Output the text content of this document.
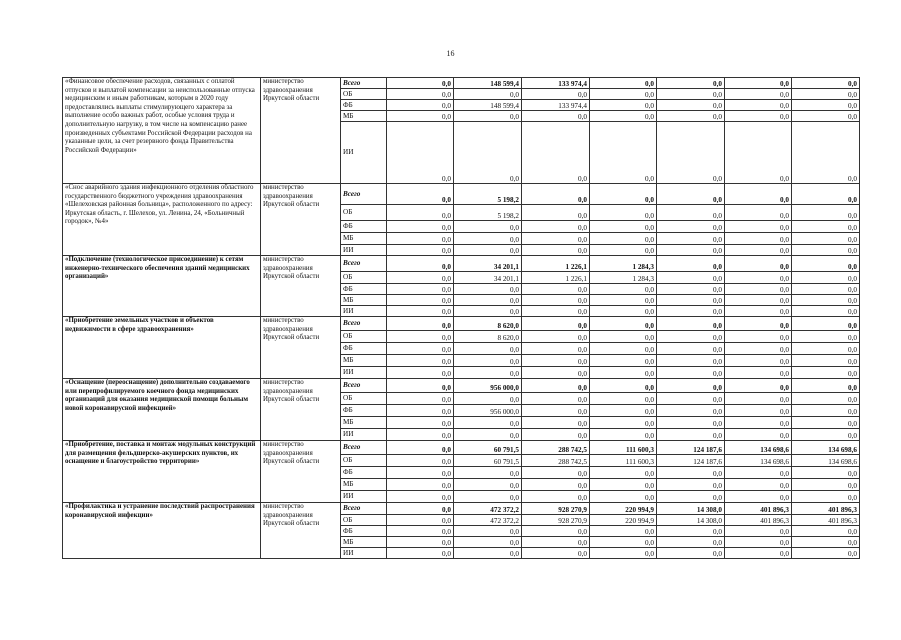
16
«Финансовое обеспечение расходов, связанных с оплатой отпусков и выплатой компенсации за неиспользованные отпуска медицинским и иным работникам, которым в 2020 году предоставлялись выплаты стимулирующего характера за выполнение особо важных работ, особые условия труда и дополнительную нагрузку, в том числе на компенсацию ранее произведенных субъектами Российской Федерации расходов на указанные цели, за счет резервного фонда Правительства Российской Федерации»	министерство здравоохранения Иркутской области	Всего	0,0	148 599,4	133 974,4	0,0	0,0	0,0	0,0
		ОБ	0,0	0,0	0,0	0,0	0,0	0,0	0,0
		ФБ	0,0	148 599,4	133 974,4	0,0	0,0	0,0	0,0
		МБ	0,0	0,0	0,0	0,0	0,0	0,0	0,0
		ИИ	0,0	0,0	0,0	0,0	0,0	0,0	0,0
«Снос аварийного здания инфекционного отделения областного государственного бюджетного учреждения здравоохранения «Шелеховская районная больница», расположенного по адресу: Иркутская область, г. Шелехов, ул. Ленина, 24, «Больничный городок», №4»	министерство здравоохранения Иркутской области	Всего	0,0	5 198,2	0,0	0,0	0,0	0,0	0,0
		ОБ	0,0	5 198,2	0,0	0,0	0,0	0,0	0,0
		ФБ	0,0	0,0	0,0	0,0	0,0	0,0	0,0
		МБ	0,0	0,0	0,0	0,0	0,0	0,0	0,0
		ИИ	0,0	0,0	0,0	0,0	0,0	0,0	0,0
«Подключение (технологическое присоединение) к сетям инженерно-технического обеспечения зданий медицинских организаций»	министерство здравоохранения Иркутской области	Всего	0,0	34 201,1	1 226,1	1 284,3	0,0	0,0	0,0
		ОБ	0,0	34 201,1	1 226,1	1 284,3	0,0	0,0	0,0
		ФБ	0,0	0,0	0,0	0,0	0,0	0,0	0,0
		МБ	0,0	0,0	0,0	0,0	0,0	0,0	0,0
		ИИ	0,0	0,0	0,0	0,0	0,0	0,0	0,0
«Приобретение земельных участков и объектов недвижимости в сфере здравоохранения»	министерство здравоохранения Иркутской области	Всего	0,0	8 620,0	0,0	0,0	0,0	0,0	0,0
		ОБ	0,0	8 620,0	0,0	0,0	0,0	0,0	0,0
		ФБ	0,0	0,0	0,0	0,0	0,0	0,0	0,0
		МБ	0,0	0,0	0,0	0,0	0,0	0,0	0,0
		ИИ	0,0	0,0	0,0	0,0	0,0	0,0	0,0
«Оснащение (переоснащение) дополнительно создаваемого или перепрофилируемого коечного фонда медицинских организаций для оказания медицинской помощи больным новой коронавирусной инфекцией»	министерство здравоохранения Иркутской области	Всего	0,0	956 000,0	0,0	0,0	0,0	0,0	0,0
		ОБ	0,0	0,0	0,0	0,0	0,0	0,0	0,0
		ФБ	0,0	956 000,0	0,0	0,0	0,0	0,0	0,0
		МБ	0,0	0,0	0,0	0,0	0,0	0,0	0,0
		ИИ	0,0	0,0	0,0	0,0	0,0	0,0	0,0
«Приобретение, поставка и монтаж модульных конструкций для размещения фельдшерско-акушерских пунктов, их оснащение и благоустройство территории»	министерство здравоохранения Иркутской области	Всего	0,0	60 791,5	288 742,5	111 600,3	124 187,6	134 698,6	134 698,6
		ОБ	0,0	60 791,5	288 742,5	111 600,3	124 187,6	134 698,6	134 698,6
		ФБ	0,0	0,0	0,0	0,0	0,0	0,0	0,0
		МБ	0,0	0,0	0,0	0,0	0,0	0,0	0,0
		ИИ	0,0	0,0	0,0	0,0	0,0	0,0	0,0
«Профилактика и устранение последствий распространения коронавирусной инфекции»	министерство здравоохранения Иркутской области	Всего	0,0	472 372,2	928 270,9	220 994,9	14 308,0	401 896,3	401 896,3
		ОБ	0,0	472 372,2	928 270,9	220 994,9	14 308,0	401 896,3	401 896,3
		ФБ	0,0	0,0	0,0	0,0	0,0	0,0	0,0
		МБ	0,0	0,0	0,0	0,0	0,0	0,0	0,0
		ИИ	0,0	0,0	0,0	0,0	0,0	0,0	0,0
